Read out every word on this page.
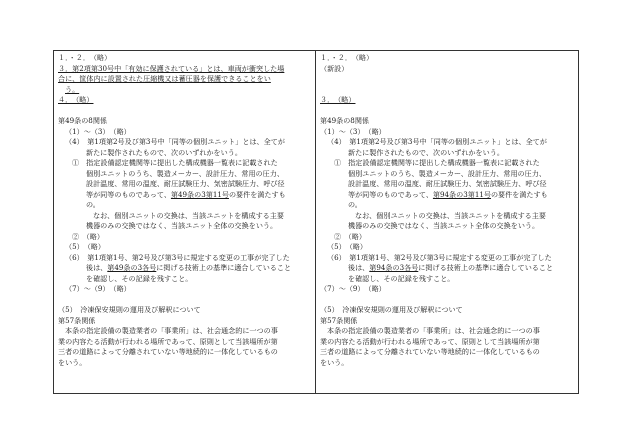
１．・２．　（略）
３．第2項第30号中「有効に保護されている」とは、車両が衝突した場
合に、筐体内に設置された圧縮機又は蓄圧器を保護できることをい
う。
４．　（略）
第49条の8関係
（1）～（3）　（略）
（4）　第1項第2号及び第3号中「同等の個別ユニット」とは、全てが
新たに製作されたもので、次のいずれかをいう。
①　指定設備認定機関等に提出した構成機器一覧表に記載された
個別ユニットのうち、製造メーカー、設計圧力、常用の圧力、
設計温度、常用の温度、耐圧試験圧力、気密試験圧力、呼び径
等が同等のものであって、第49条の3第11号の要件を満たすも
の。
なお、個別ユニットの交換は、当該ユニットを構成する主要
機器のみの交換ではなく、当該ユニット全体の交換をいう。
②　（略）
（5）　（略）
（6）　第1項第1号、第2号及び第3号に規定する変更の工事が完了した
後は、第49条の3各号に掲げる技術上の基準に適合していること
を確認し、その記録を残すこと。
（7）～（9）　（略）
（5）　冷凍保安規則の運用及び解釈について
第57条関係
本条の指定設備の製造業者の「事業所」は、社会通念的に一つの事
業の内容たる活動が行われる場所であって、原則として当該場所が第
三者の道路によって分離されていない等地続的に一体化しているもの
をいう。
１．・２．　（略）
（新設）
３．　（略）
第49条の8関係
（1）～（3）　（略）
（4）　第1項第2号及び第3号中「同等の個別ユニット」とは、全てが
新たに製作されたもので、次のいずれかをいう。
①　指定設備認定機関等に提出した構成機器一覧表に記載された
個別ユニットのうち、製造メーカー、設計圧力、常用の圧力、
設計温度、常用の温度、耐圧試験圧力、気密試験圧力、呼び径
等が同等のものであって、第94条の3第11号の要件を満たすも
の。
なお、個別ユニットの交換は、当該ユニットを構成する主要
機器のみの交換ではなく、当該ユニット全体の交換をいう。
②　（略）
（5）　（略）
（6）　第1項第1号、第2号及び第3号に規定する変更の工事が完了した
後は、第94条の3各号に掲げる技術上の基準に適合していること
を確認し、その記録を残すこと。
（7）～（9）　（略）
（5）　冷凍保安規則の運用及び解釈について
第57条関係
本条の指定設備の製造業者の「事業所」は、社会通念的に一つの事
業の内容たる活動が行われる場所であって、原則として当該場所が第
三者の道路によって分離されていない等地続的に一体化しているもの
をいう。
